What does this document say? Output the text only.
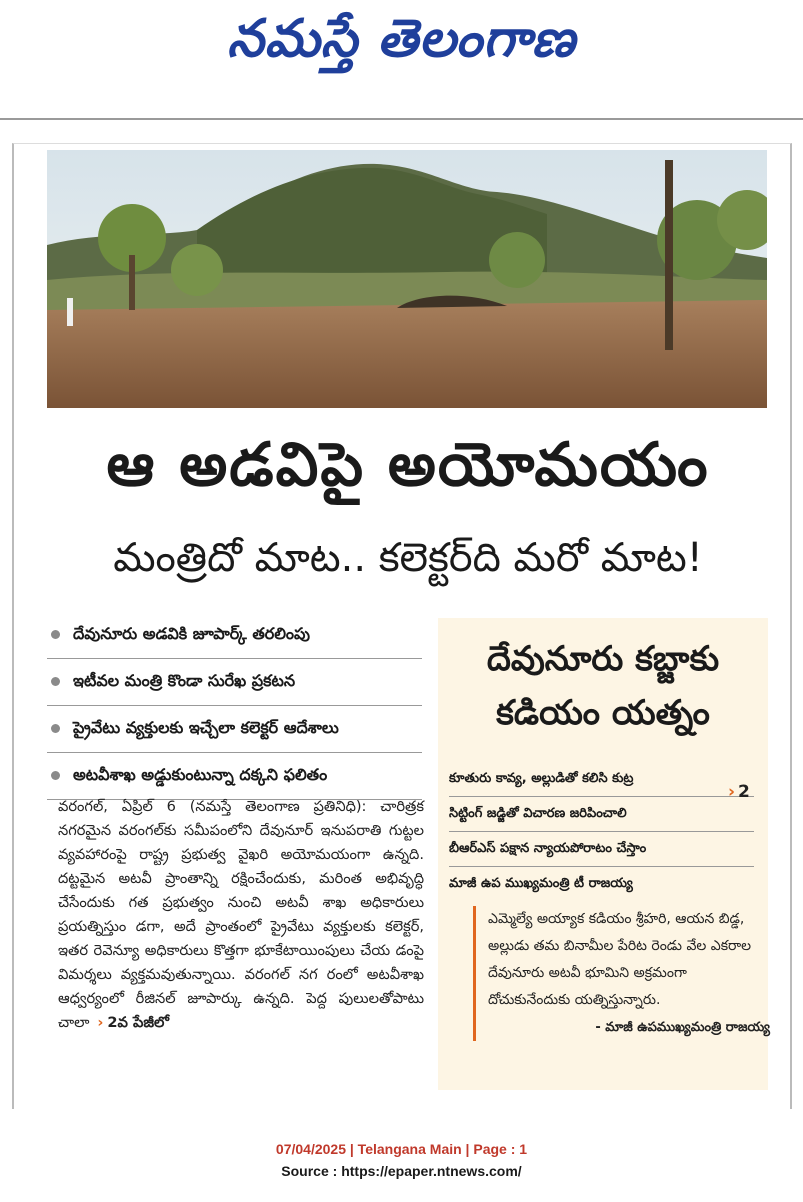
నమస్తే తెలంగాణ
ఆ అడవిపై అయోమయం
మంత్రిదో మాట.. కలెక్టర్‌ది మరో మాట!
దేవునూరు అడవికి జూపార్క్‌ తరలింపు
ఇటీవల మంత్రి కొండా సురేఖ ప్రకటన
ప్రైవేటు వ్యక్తులకు ఇచ్చేలా కలెక్టర్‌ ఆదేశాలు
అటవీశాఖ అడ్డుకుంటున్నా దక్కని ఫలితం
వరంగల్‌, ఏప్రిల్‌ 6 (నమస్తే తెలంగాణ ప్రతినిధి): చారిత్రక నగరమైన వరంగల్‌కు సమీపంలోని దేవునూర్‌ ఇనుపరాతి గుట్టల వ్యవహారంపై రాష్ట్ర ప్రభుత్వ వైఖరి అయోమయంగా ఉన్నది. దట్టమైన అటవీ ప్రాంతాన్ని రక్షించేందుకు, మరింత అభివృద్ధి చేసేందుకు గత ప్రభుత్వం నుంచి అటవీ శాఖ అధికారులు ప్రయత్నిస్తుం డగా, అదే ప్రాంతంలో ప్రైవేటు వ్యక్తులకు కలెక్టర్‌, ఇతర రెవెన్యూ అధికారులు కొత్తగా భూకేటాయింపులు చేయ డంపై విమర్శలు వ్యక్తమవుతున్నాయి. వరంగల్‌ నగ రంలో అటవీశాఖ ఆధ్వర్యంలో రీజినల్‌ జూపార్కు ఉన్నది. పెద్ద పులులతోపాటు చాలా › 2వ పేజీలో
దేవునూరు కబ్జాకు
కడియం యత్నం
కూతురు కావ్య, అల్లుడితో కలిసి కుట్ర
సిట్టింగ్‌ జడ్జితో విచారణ జరిపించాలి
బీఆర్‌ఎస్‌ పక్షాన న్యాయపోరాటం చేస్తాం
మాజీ ఉప ముఖ్యమంత్రి టీ రాజయ్య
› 2
ఎమ్మెల్యే అయ్యాక కడియం శ్రీహరి, ఆయన బిడ్డ, అల్లుడు తమ బినామీల పేరిట రెండు వేల ఎకరాల దేవునూరు అటవీ భూమిని అక్రమంగా దోచుకునేందుకు యత్నిస్తున్నారు.
- మాజీ ఉపముఖ్యమంత్రి రాజయ్య
07/04/2025 | Telangana Main | Page : 1
Source : https://epaper.ntnews.com/
